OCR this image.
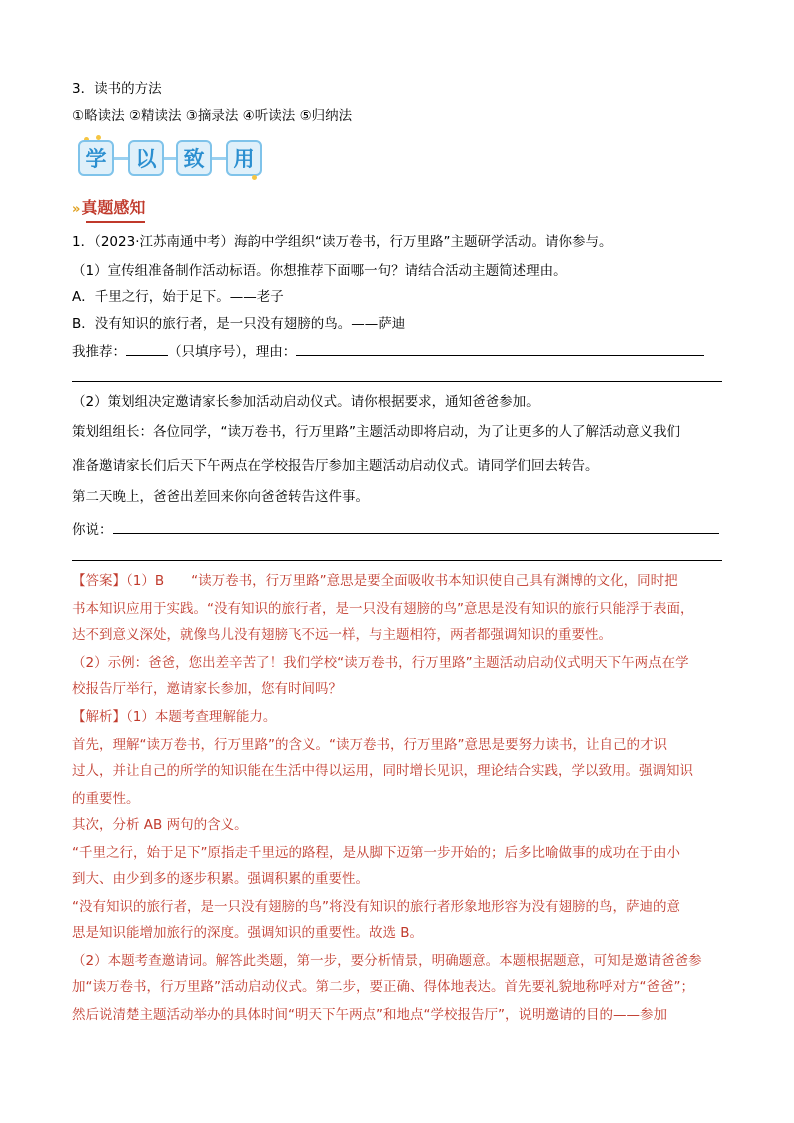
3．读书的方法
①略读法 ②精读法 ③摘录法 ④听读法 ⑤归纳法
学	以	致	用
» 真题感知
1．（2023·江苏南通中考）海韵中学组织“读万卷书，行万里路”主题研学活动。请你参与。
（1）宣传组准备制作活动标语。你想推荐下面哪一句？请结合活动主题简述理由。
A．千里之行，始于足下。——老子
B．没有知识的旅行者，是一只没有翅膀的鸟。——萨迪
我推荐：	（只填序号），理由：
（2）策划组决定邀请家长参加活动启动仪式。请你根据要求，通知爸爸参加。
策划组组长：各位同学，“读万卷书，行万里路”主题活动即将启动，为了让更多的人了解活动意义我们
准备邀请家长们后天下午两点在学校报告厅参加主题活动启动仪式。请同学们回去转告。
第二天晚上，爸爸出差回来你向爸爸转告这件事。
你说：
【答案】（1）B　　“读万卷书，行万里路”意思是要全面吸收书本知识使自己具有渊博的文化，同时把
书本知识应用于实践。“没有知识的旅行者，是一只没有翅膀的鸟”意思是没有知识的旅行只能浮于表面，
达不到意义深处，就像鸟儿没有翅膀飞不远一样，与主题相符，两者都强调知识的重要性。
（2）示例：爸爸，您出差辛苦了！我们学校“读万卷书，行万里路”主题活动启动仪式明天下午两点在学
校报告厅举行，邀请家长参加，您有时间吗？
【解析】（1）本题考查理解能力。
首先，理解“读万卷书，行万里路”的含义。“读万卷书，行万里路”意思是要努力读书，让自己的才识
过人，并让自己的所学的知识能在生活中得以运用，同时增长见识，理论结合实践，学以致用。强调知识
的重要性。
其次，分析 AB 两句的含义。
“千里之行，始于足下”原指走千里远的路程，是从脚下迈第一步开始的；后多比喻做事的成功在于由小
到大、由少到多的逐步积累。强调积累的重要性。
“没有知识的旅行者，是一只没有翅膀的鸟”将没有知识的旅行者形象地形容为没有翅膀的鸟，萨迪的意
思是知识能增加旅行的深度。强调知识的重要性。故选 B。
（2）本题考查邀请词。解答此类题，第一步，要分析情景，明确题意。本题根据题意，可知是邀请爸爸参
加“读万卷书，行万里路”活动启动仪式。第二步，要正确、得体地表达。首先要礼貌地称呼对方“爸爸”；
然后说清楚主题活动举办的具体时间“明天下午两点”和地点“学校报告厅”，说明邀请的目的——参加
